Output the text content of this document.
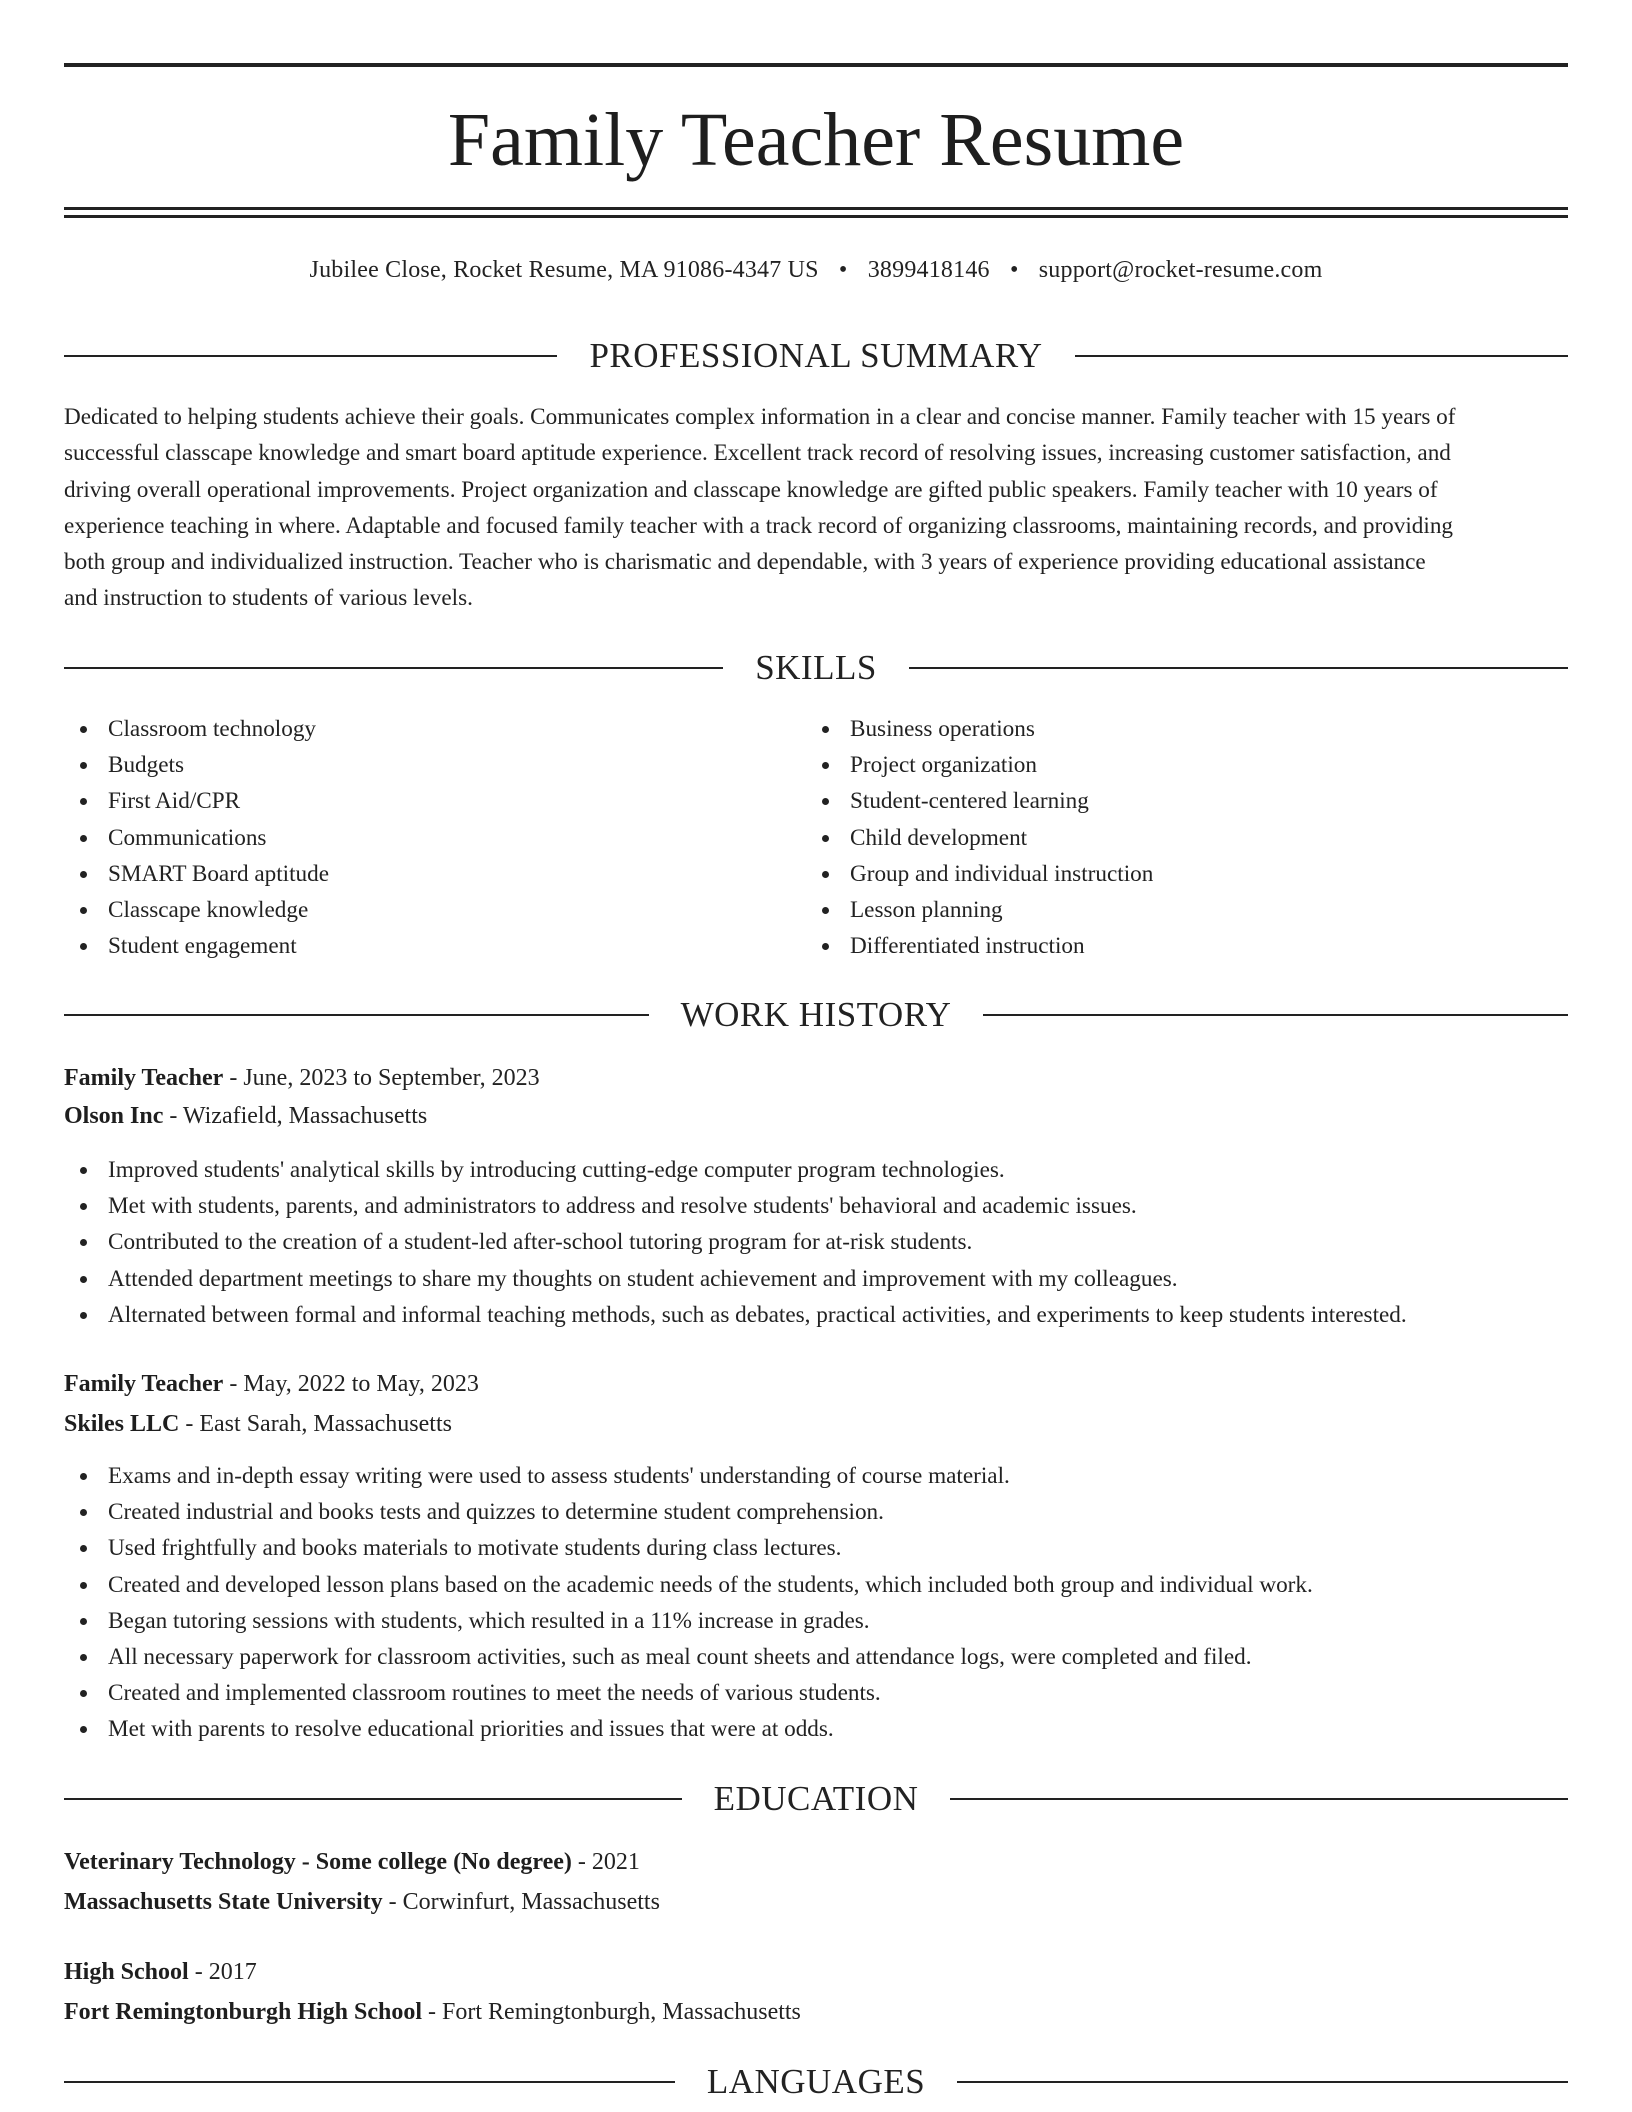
Family Teacher Resume
Jubilee Close, Rocket Resume, MA 91086-4347 US • 3899418146 • support@rocket-resume.com
PROFESSIONAL SUMMARY
Dedicated to helping students achieve their goals. Communicates complex information in a clear and concise manner. Family teacher with 15 years of
successful classcape knowledge and smart board aptitude experience. Excellent track record of resolving issues, increasing customer satisfaction, and
driving overall operational improvements. Project organization and classcape knowledge are gifted public speakers. Family teacher with 10 years of
experience teaching in where. Adaptable and focused family teacher with a track record of organizing classrooms, maintaining records, and providing
both group and individualized instruction. Teacher who is charismatic and dependable, with 3 years of experience providing educational assistance
and instruction to students of various levels.
SKILLS
Classroom technology
Budgets
First Aid/CPR
Communications
SMART Board aptitude
Classcape knowledge
Student engagement
Business operations
Project organization
Student-centered learning
Child development
Group and individual instruction
Lesson planning
Differentiated instruction
WORK HISTORY
Family Teacher - June, 2023 to September, 2023
Olson Inc - Wizafield, Massachusetts
Improved students' analytical skills by introducing cutting-edge computer program technologies.
Met with students, parents, and administrators to address and resolve students' behavioral and academic issues.
Contributed to the creation of a student-led after-school tutoring program for at-risk students.
Attended department meetings to share my thoughts on student achievement and improvement with my colleagues.
Alternated between formal and informal teaching methods, such as debates, practical activities, and experiments to keep students interested.
Family Teacher - May, 2022 to May, 2023
Skiles LLC - East Sarah, Massachusetts
Exams and in-depth essay writing were used to assess students' understanding of course material.
Created industrial and books tests and quizzes to determine student comprehension.
Used frightfully and books materials to motivate students during class lectures.
Created and developed lesson plans based on the academic needs of the students, which included both group and individual work.
Began tutoring sessions with students, which resulted in a 11% increase in grades.
All necessary paperwork for classroom activities, such as meal count sheets and attendance logs, were completed and filed.
Created and implemented classroom routines to meet the needs of various students.
Met with parents to resolve educational priorities and issues that were at odds.
EDUCATION
Veterinary Technology - Some college (No degree) - 2021
Massachusetts State University - Corwinfurt, Massachusetts
High School - 2017
Fort Remingtonburgh High School - Fort Remingtonburgh, Massachusetts
LANGUAGES
